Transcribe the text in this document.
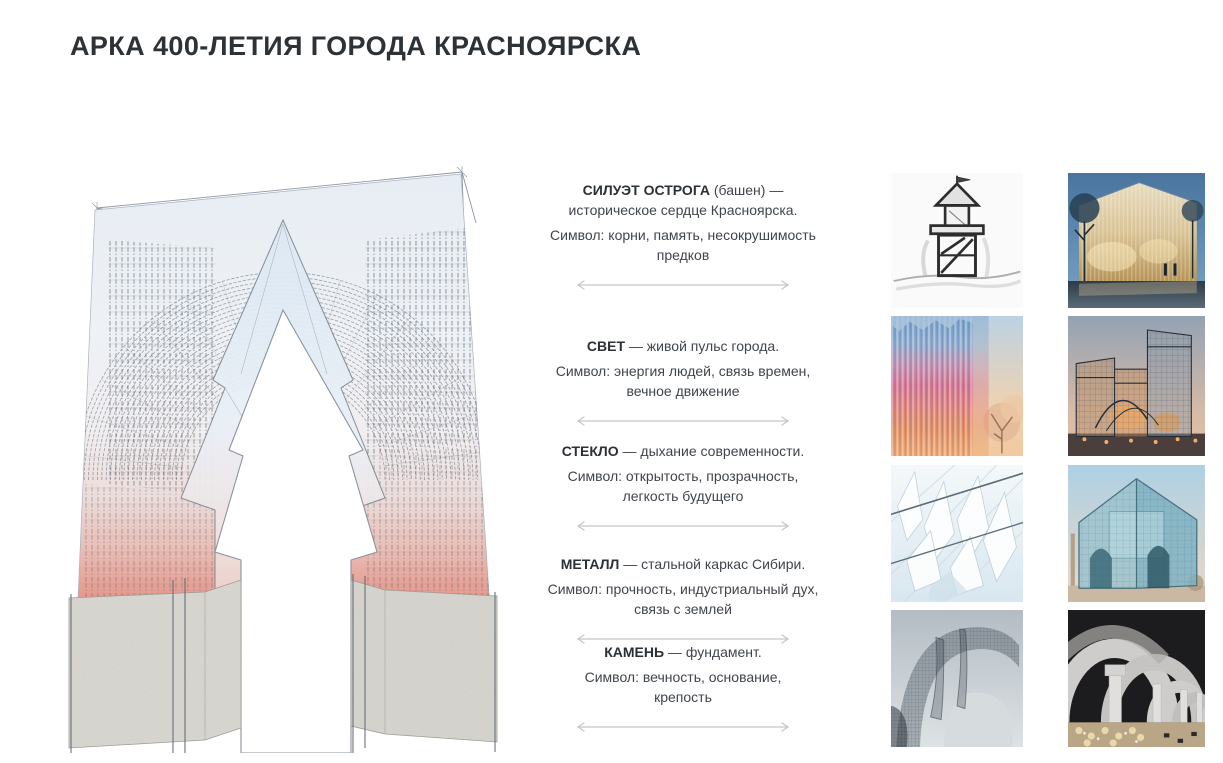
АРКА 400-ЛЕТИЯ ГОРОДА КРАСНОЯРСКА

СИЛУЭТ ОСТРОГА (башен) — историческое сердце Красноярска.

Символ: корни, память, несокрушимость предков

СВЕТ — живой пульс города.

Символ: энергия людей, связь времен, вечное движение

СТЕКЛО — дыхание современности.

Символ: открытость, прозрачность, легкость будущего

МЕТАЛЛ — стальной каркас Сибири.

Символ: прочность, индустриальный дух, связь с землей

КАМЕНЬ — фундамент.

Символ: вечность, основание, крепость
